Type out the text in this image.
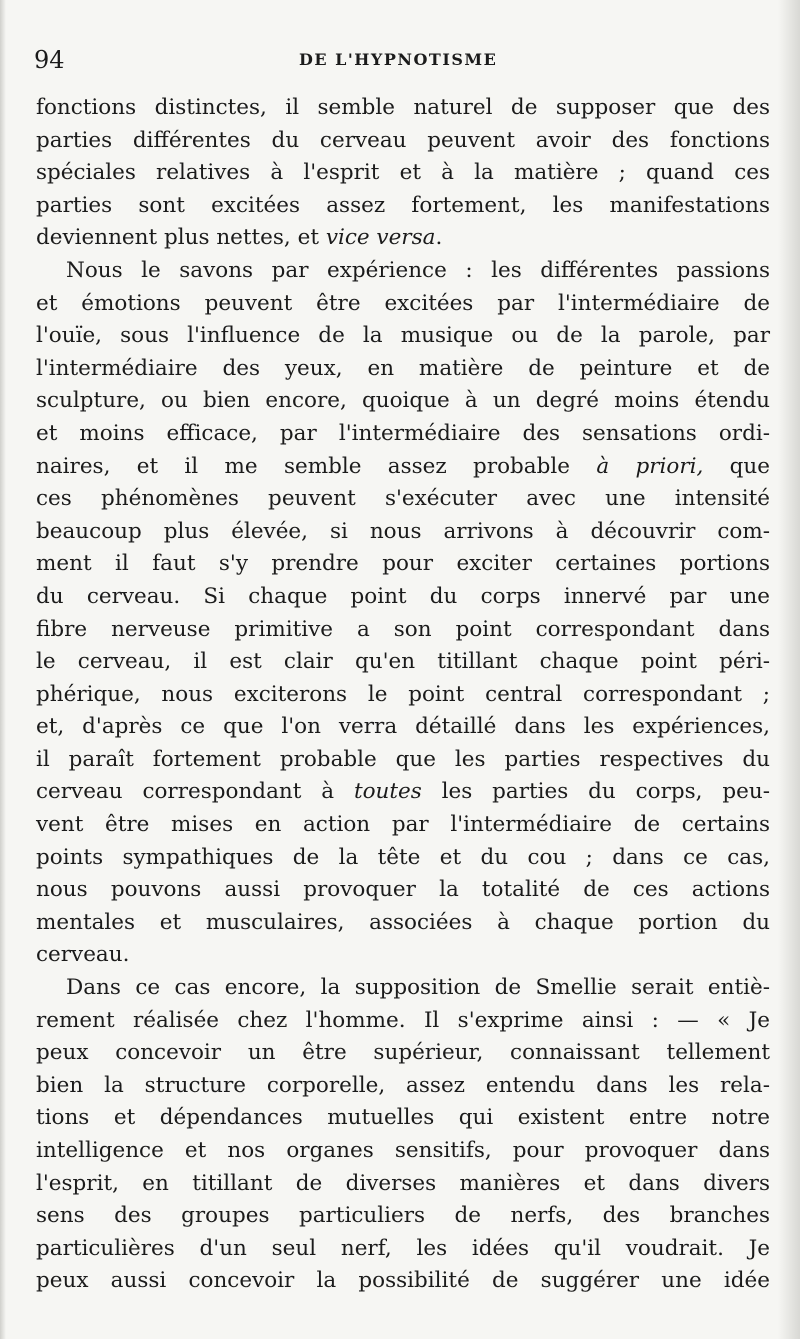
94	DE L'HYPNOTISME
fonctions distinctes, il semble naturel de supposer que des
parties différentes du cerveau peuvent avoir des fonctions
spéciales relatives à l'esprit et à la matière ; quand ces
parties sont excitées assez fortement, les manifestations
deviennent plus nettes, et vice versa.
Nous le savons par expérience : les différentes passions
et émotions peuvent être excitées par l'intermédiaire de
l'ouïe, sous l'influence de la musique ou de la parole, par
l'intermédiaire des yeux, en matière de peinture et de
sculpture, ou bien encore, quoique à un degré moins étendu
et moins efficace, par l'intermédiaire des sensations ordi-
naires, et il me semble assez probable à priori, que
ces phénomènes peuvent s'exécuter avec une intensité
beaucoup plus élevée, si nous arrivons à découvrir com-
ment il faut s'y prendre pour exciter certaines portions
du cerveau. Si chaque point du corps innervé par une
fibre nerveuse primitive a son point correspondant dans
le cerveau, il est clair qu'en titillant chaque point péri-
phérique, nous exciterons le point central correspondant ;
et, d'après ce que l'on verra détaillé dans les expériences,
il paraît fortement probable que les parties respectives du
cerveau correspondant à toutes les parties du corps, peu-
vent être mises en action par l'intermédiaire de certains
points sympathiques de la tête et du cou ; dans ce cas,
nous pouvons aussi provoquer la totalité de ces actions
mentales et musculaires, associées à chaque portion du
cerveau.
Dans ce cas encore, la supposition de Smellie serait entiè-
rement réalisée chez l'homme. Il s'exprime ainsi : — « Je
peux concevoir un être supérieur, connaissant tellement
bien la structure corporelle, assez entendu dans les rela-
tions et dépendances mutuelles qui existent entre notre
intelligence et nos organes sensitifs, pour provoquer dans
l'esprit, en titillant de diverses manières et dans divers
sens des groupes particuliers de nerfs, des branches
particulières d'un seul nerf, les idées qu'il voudrait. Je
peux aussi concevoir la possibilité de suggérer une idée
